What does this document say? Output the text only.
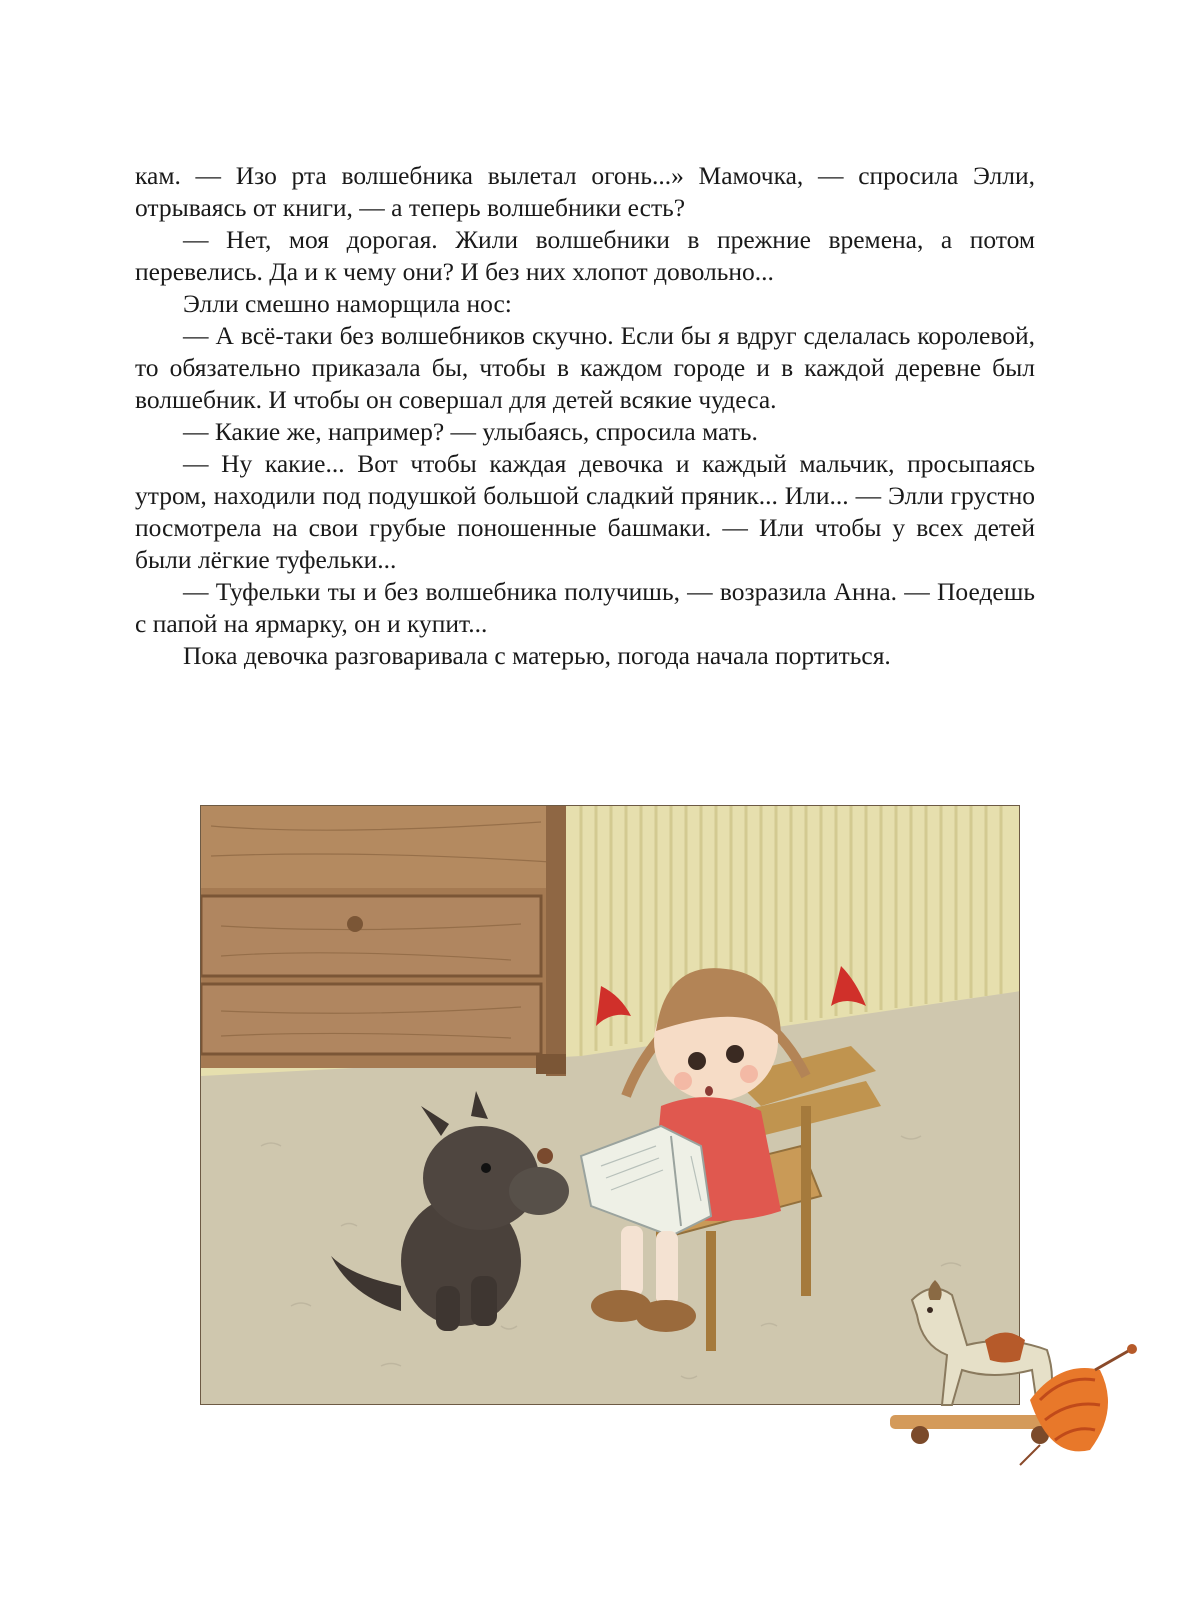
кам. — Изо рта волшебника вылетал огонь...» Мамочка, — спросила Элли, отрываясь от книги, — а теперь волшебники есть?

— Нет, моя дорогая. Жили волшебники в прежние времена, а потом перевелись. Да и к чему они? И без них хлопот довольно...

Элли смешно наморщила нос:

— А всё-таки без волшебников скучно. Если бы я вдруг сделалась королевой, то обязательно приказала бы, чтобы в каждом городе и в каждой деревне был волшебник. И чтобы он совершал для детей всякие чудеса.

— Какие же, например? — улыбаясь, спросила мать.

— Ну какие... Вот чтобы каждая девочка и каждый мальчик, просыпаясь утром, находили под подушкой большой сладкий пряник... Или... — Элли грустно посмотрела на свои грубые поношенные башмаки. — Или чтобы у всех детей были лёгкие туфельки...

— Туфельки ты и без волшебника получишь, — возразила Анна. — Поедешь с папой на ярмарку, он и купит...

Пока девочка разговаривала с матерью, погода начала портиться.
